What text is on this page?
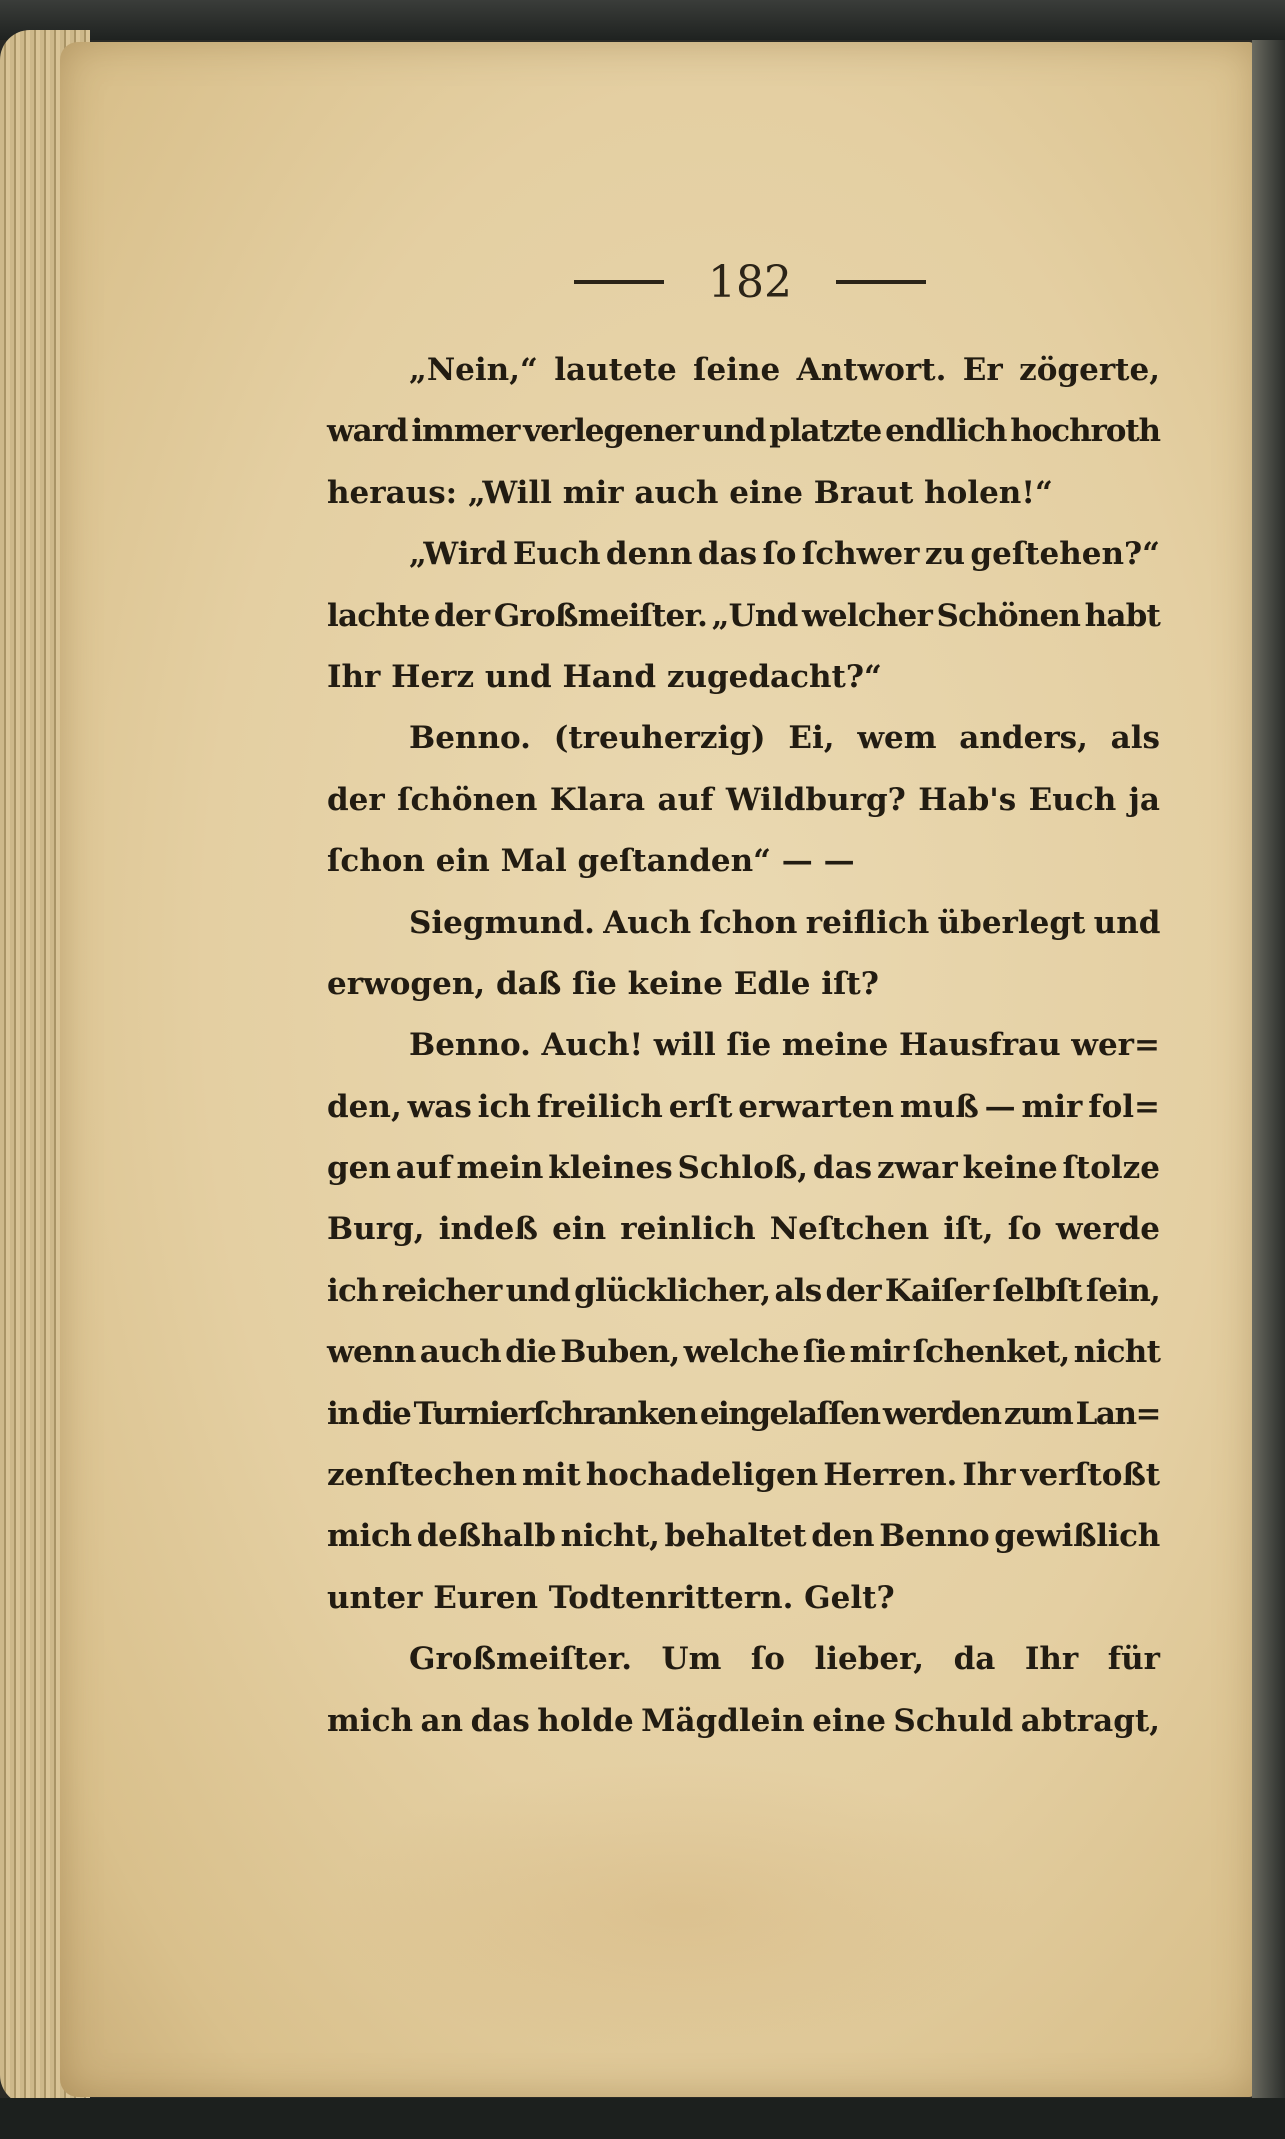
182
„Nein,“ lautete ſeine Antwort. Er zögerte,
ward immer verlegener und platzte endlich hochroth
heraus: „Will mir auch eine Braut holen!“
„Wird Euch denn das ſo ſchwer zu geſtehen?“
lachte der Großmeiſter. „Und welcher Schönen habt
Ihr Herz und Hand zugedacht?“
Benno. (treuherzig) Ei, wem anders, als
der ſchönen Klara auf Wildburg? Hab's Euch ja
ſchon ein Mal geſtanden“ — —
Siegmund. Auch ſchon reiflich überlegt und
erwogen, daß ſie keine Edle iſt?
Benno. Auch! will ſie meine Hausfrau wer=
den, was ich freilich erſt erwarten muß — mir fol=
gen auf mein kleines Schloß, das zwar keine ſtolze
Burg, indeß ein reinlich Neſtchen iſt, ſo werde
ich reicher und glücklicher, als der Kaiſer ſelbſt ſein,
wenn auch die Buben, welche ſie mir ſchenket, nicht
in die Turnierſchranken eingelaſſen werden zum Lan=
zenſtechen mit hochadeligen Herren. Ihr verſtoßt
mich deßhalb nicht, behaltet den Benno gewißlich
unter Euren Todtenrittern. Gelt?
Großmeiſter. Um ſo lieber, da Ihr für
mich an das holde Mägdlein eine Schuld abtragt,
